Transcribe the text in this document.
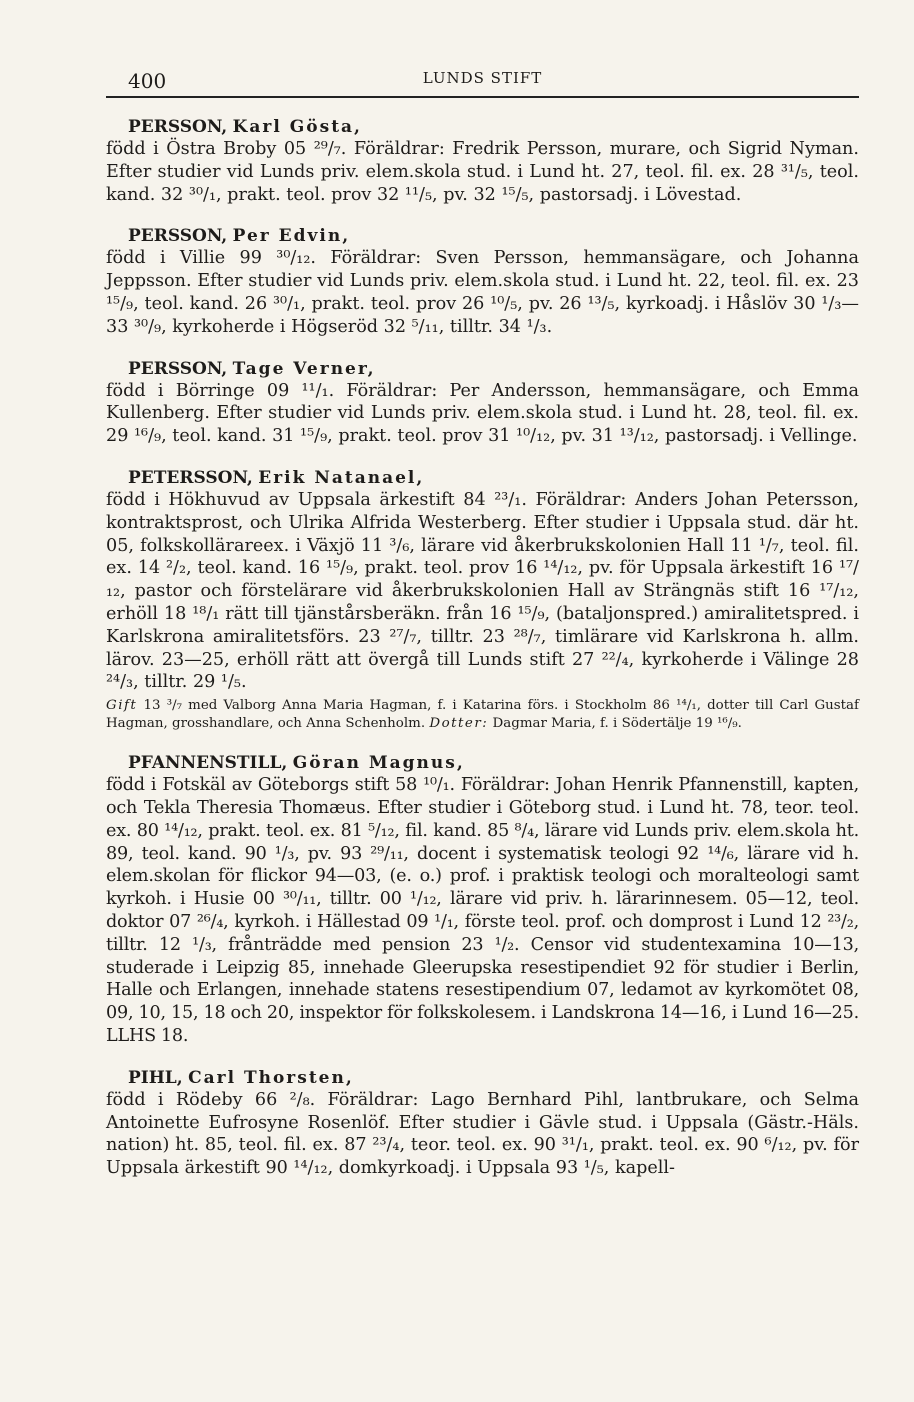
400	LUNDS STIFT

PERSSON, Karl Gösta,

född i Östra Broby 05 ²⁹/₇. Föräldrar: Fredrik Persson, murare, och Sigrid Nyman. Efter studier vid Lunds priv. elem.skola stud. i Lund ht. 27, teol. fil. ex. 28 ³¹/₅, teol. kand. 32 ³⁰/₁, prakt. teol. prov 32 ¹¹/₅, pv. 32 ¹⁵/₅, pastorsadj. i Lövestad.

PERSSON, Per Edvin,

född i Villie 99 ³⁰/₁₂. Föräldrar: Sven Persson, hemmansägare, och Johanna Jeppsson. Efter studier vid Lunds priv. elem.skola stud. i Lund ht. 22, teol. fil. ex. 23 ¹⁵/₉, teol. kand. 26 ³⁰/₁, prakt. teol. prov 26 ¹⁰/₅, pv. 26 ¹³/₅, kyrkoadj. i Håslöv 30 ¹/₃—33 ³⁰/₉, kyrkoherde i Högseröd 32 ⁵/₁₁, tilltr. 34 ¹/₃.

PERSSON, Tage Verner,

född i Börringe 09 ¹¹/₁. Föräldrar: Per Andersson, hemmansägare, och Emma Kullenberg. Efter studier vid Lunds priv. elem.skola stud. i Lund ht. 28, teol. fil. ex. 29 ¹⁶/₉, teol. kand. 31 ¹⁵/₉, prakt. teol. prov 31 ¹⁰/₁₂, pv. 31 ¹³/₁₂, pastorsadj. i Vellinge.

PETERSSON, Erik Natanael,

född i Hökhuvud av Uppsala ärkestift 84 ²³/₁. Föräldrar: Anders Johan Petersson, kontraktsprost, och Ulrika Alfrida Westerberg. Efter studier i Uppsala stud. där ht. 05, folkskollärareex. i Växjö 11 ³/₆, lärare vid åkerbrukskolonien Hall 11 ¹/₇, teol. fil. ex. 14 ²/₂, teol. kand. 16 ¹⁵/₉, prakt. teol. prov 16 ¹⁴/₁₂, pv. för Uppsala ärkestift 16 ¹⁷/₁₂, pastor och förstelärare vid åkerbrukskolonien Hall av Strängnäs stift 16 ¹⁷/₁₂, erhöll 18 ¹⁸/₁ rätt till tjänstårsberäkn. från 16 ¹⁵/₉, (bataljonspred.) amiralitetspred. i Karlskrona amiralitetsförs. 23 ²⁷/₇, tilltr. 23 ²⁸/₇, timlärare vid Karlskrona h. allm. lärov. 23—25, erhöll rätt att övergå till Lunds stift 27 ²²/₄, kyrkoherde i Välinge 28 ²⁴/₃, tilltr. 29 ¹/₅.

Gift 13 ³/₇ med Valborg Anna Maria Hagman, f. i Katarina förs. i Stockholm 86 ¹⁴/₁, dotter till Carl Gustaf Hagman, grosshandlare, och Anna Schenholm. Dotter: Dagmar Maria, f. i Södertälje 19 ¹⁶/₉.

PFANNENSTILL, Göran Magnus,

född i Fotskäl av Göteborgs stift 58 ¹⁰/₁. Föräldrar: Johan Henrik Pfannenstill, kapten, och Tekla Theresia Thomæus. Efter studier i Göteborg stud. i Lund ht. 78, teor. teol. ex. 80 ¹⁴/₁₂, prakt. teol. ex. 81 ⁵/₁₂, fil. kand. 85 ⁸/₄, lärare vid Lunds priv. elem.skola ht. 89, teol. kand. 90 ¹/₃, pv. 93 ²⁹/₁₁, docent i systematisk teologi 92 ¹⁴/₆, lärare vid h. elem.skolan för flickor 94—03, (e. o.) prof. i praktisk teologi och moralteologi samt kyrkoh. i Husie 00 ³⁰/₁₁, tilltr. 00 ¹/₁₂, lärare vid priv. h. lärarinnesem. 05—12, teol. doktor 07 ²⁶/₄, kyrkoh. i Hällestad 09 ¹/₁, förste teol. prof. och domprost i Lund 12 ²³/₂, tilltr. 12 ¹/₃, frånträdde med pension 23 ¹/₂. Censor vid studentexamina 10—13, studerade i Leipzig 85, innehade Gleerupska resestipendiet 92 för studier i Berlin, Halle och Erlangen, innehade statens resestipendium 07, ledamot av kyrkomötet 08, 09, 10, 15, 18 och 20, inspektor för folkskolesem. i Landskrona 14—16, i Lund 16—25. LLHS 18.

PIHL, Carl Thorsten,

född i Rödeby 66 ²/₈. Föräldrar: Lago Bernhard Pihl, lantbrukare, och Selma Antoinette Eufrosyne Rosenlöf. Efter studier i Gävle stud. i Uppsala (Gästr.-Häls. nation) ht. 85, teol. fil. ex. 87 ²³/₄, teor. teol. ex. 90 ³¹/₁, prakt. teol. ex. 90 ⁶/₁₂, pv. för Uppsala ärkestift 90 ¹⁴/₁₂, domkyrkoadj. i Uppsala 93 ¹/₅, kapell-
